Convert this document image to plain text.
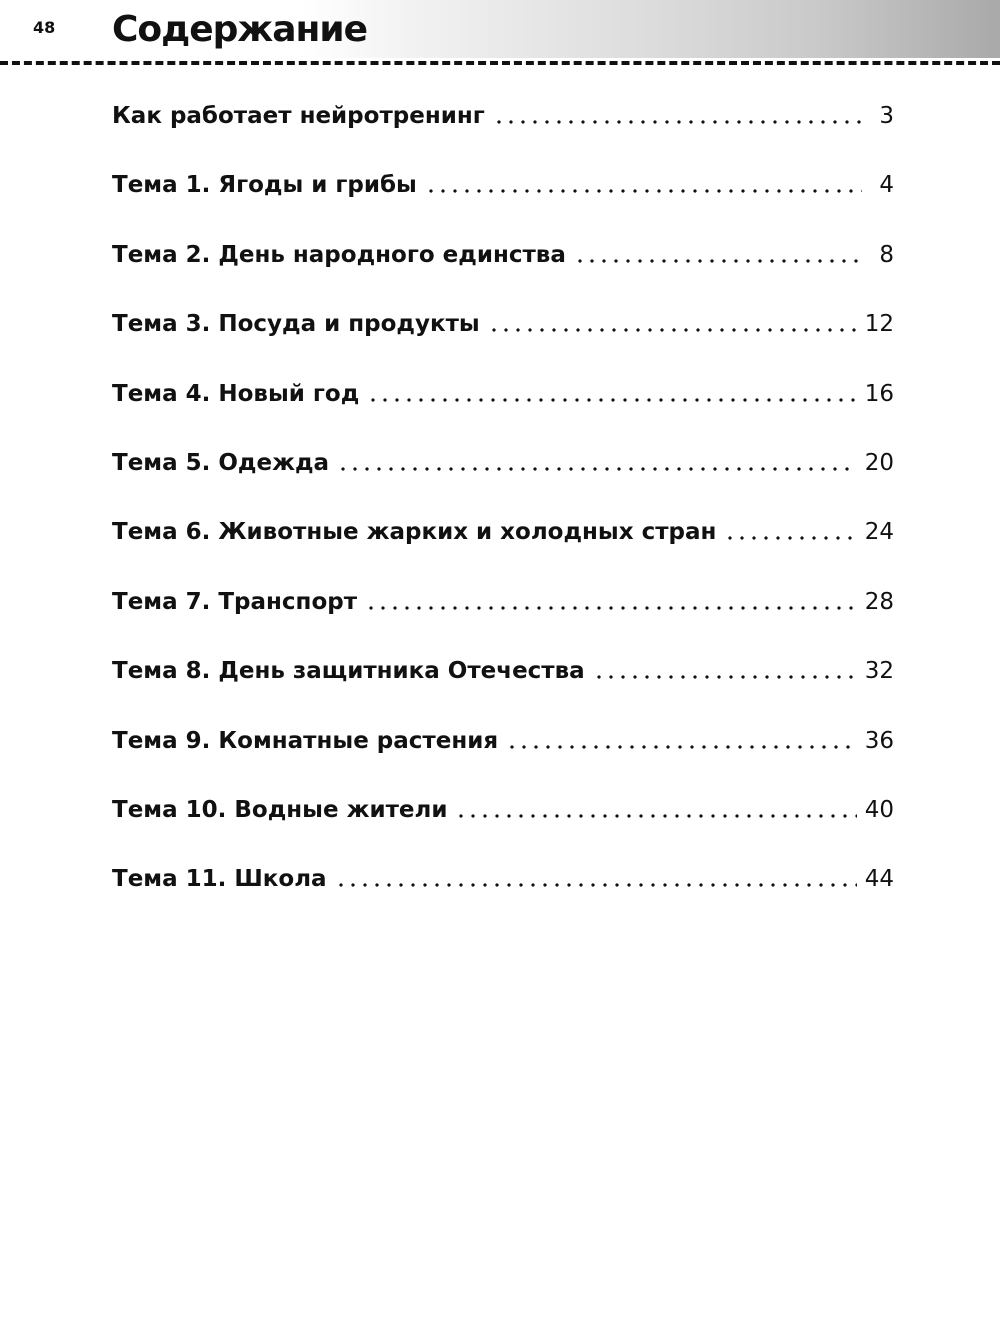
48 Содержание
Как работает нейротренинг	3
Тема 1. Ягоды и грибы	4
Тема 2. День народного единства	8
Тема 3. Посуда и продукты	12
Тема 4. Новый год	16
Тема 5. Одежда	20
Тема 6. Животные жарких и холодных стран	24
Тема 7. Транспорт	28
Тема 8. День защитника Отечества	32
Тема 9. Комнатные растения	36
Тема 10. Водные жители	40
Тема 11. Школа	44
